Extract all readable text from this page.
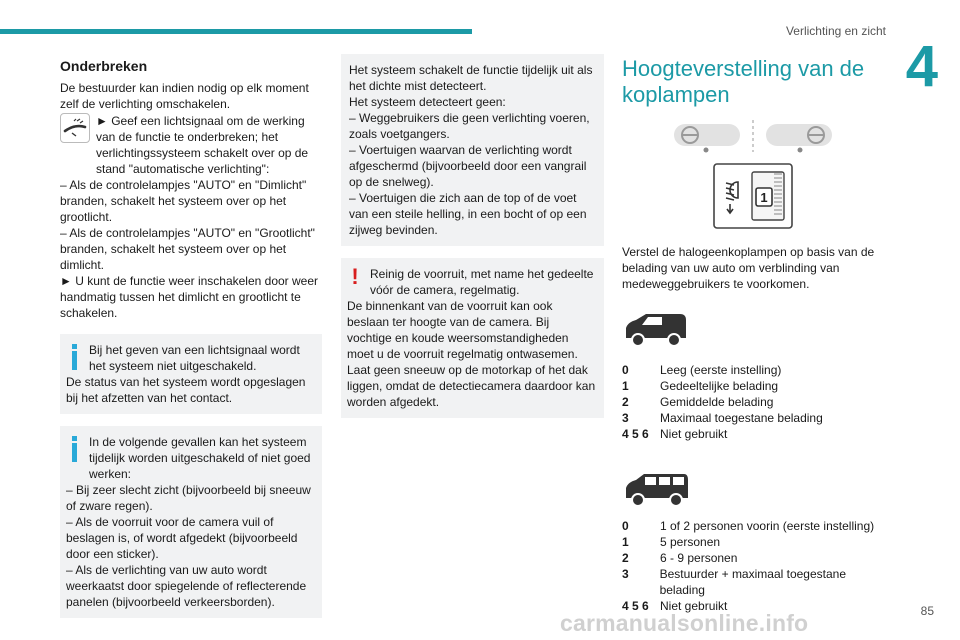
Verlichting en zicht
4
Onderbreken

De bestuurder kan indien nodig op elk moment zelf de verlichting omschakelen.

► Geef een lichtsignaal om de werking van de functie te onderbreken; het verlichtingssysteem schakelt over op de stand "automatische verlichting":

– Als de controlelampjes "AUTO" en "Dimlicht" branden, schakelt het systeem over op het grootlicht.

– Als de controlelampjes "AUTO" en "Grootlicht" branden, schakelt het systeem over op het dimlicht.

► U kunt de functie weer inschakelen door weer handmatig tussen het dimlicht en grootlicht te schakelen.

Bij het geven van een lichtsignaal wordt het systeem niet uitgeschakeld.

De status van het systeem wordt opgeslagen bij het afzetten van het contact.

In de volgende gevallen kan het systeem tijdelijk worden uitgeschakeld of niet goed werken:

– Bij zeer slecht zicht (bijvoorbeeld bij sneeuw of zware regen).

– Als de voorruit voor de camera vuil of beslagen is, of wordt afgedekt (bijvoorbeeld door een sticker).

– Als de verlichting van uw auto wordt weerkaatst door spiegelende of reflecterende panelen (bijvoorbeeld verkeersborden).

Het systeem schakelt de functie tijdelijk uit als het dichte mist detecteert.

Het systeem detecteert geen:

– Weggebruikers die geen verlichting voeren, zoals voetgangers.

– Voertuigen waarvan de verlichting wordt afgeschermd (bijvoorbeeld door een vangrail op de snelweg).

– Voertuigen die zich aan de top of de voet van een steile helling, in een bocht of op een zijweg bevinden.

! Reinig de voorruit, met name het gedeelte vóór de camera, regelmatig.

De binnenkant van de voorruit kan ook beslaan ter hoogte van de camera. Bij vochtige en koude weersomstandigheden moet u de voorruit regelmatig ontwasemen.

Laat geen sneeuw op de motorkap of het dak liggen, omdat de detectiecamera daardoor kan worden afgedekt.

Hoogteverstelling van de koplampen
1

Verstel de halogeenkoplampen op basis van de belading van uw auto om verblinding van medeweggebruikers te voorkomen.

0	Leeg (eerste instelling)
1	Gedeeltelijke belading
2	Gemiddelde belading
3	Maximaal toegestane belading
4 5 6 Niet gebruikt
0	1 of 2 personen voorin (eerste instelling)
1	5 personen
2	6 - 9 personen
3	Bestuurder + maximaal toegestane belading
4 5 6 Niet gebruikt	85
carmanualsonline.info
